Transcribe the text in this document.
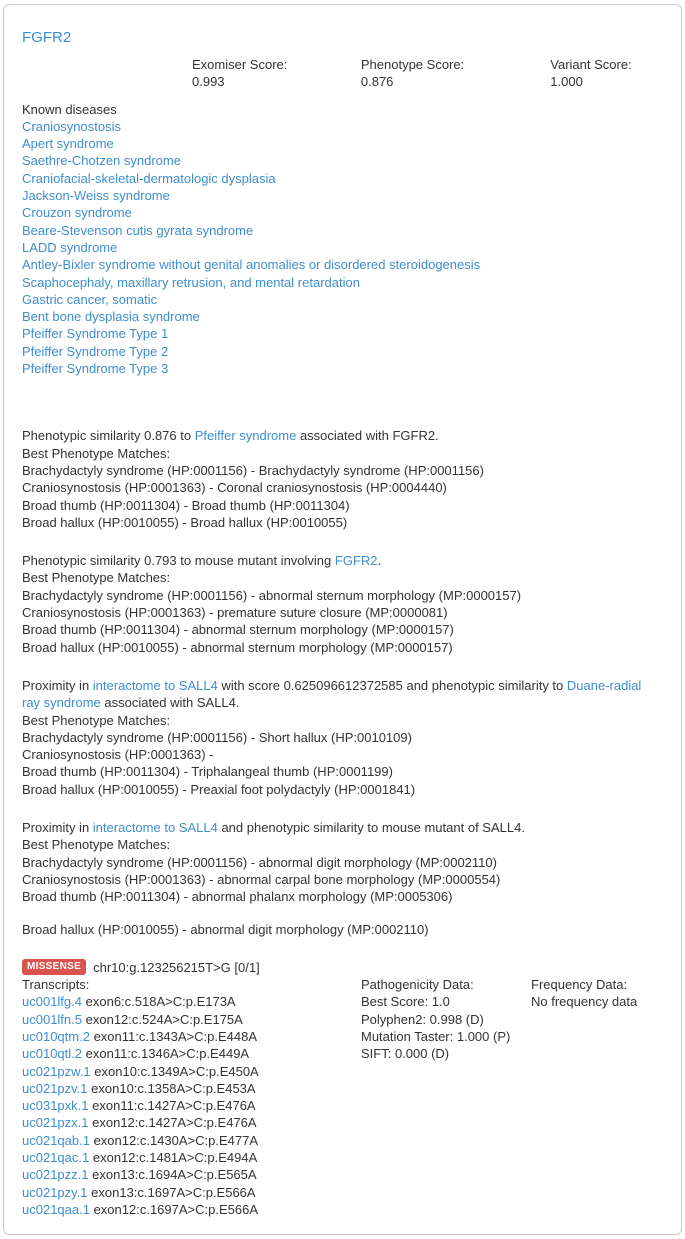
FGFR2
Exomiser Score: 0.993
Phenotype Score: 0.876
Variant Score: 1.000
Known diseases
Craniosynostosis
Apert syndrome
Saethre-Chotzen syndrome
Craniofacial-skeletal-dermatologic dysplasia
Jackson-Weiss syndrome
Crouzon syndrome
Beare-Stevenson cutis gyrata syndrome
LADD syndrome
Antley-Bixler syndrome without genital anomalies or disordered steroidogenesis
Scaphocephaly, maxillary retrusion, and mental retardation
Gastric cancer, somatic
Bent bone dysplasia syndrome
Pfeiffer Syndrome Type 1
Pfeiffer Syndrome Type 2
Pfeiffer Syndrome Type 3
Phenotypic similarity 0.876 to Pfeiffer syndrome associated with FGFR2.
Best Phenotype Matches:
Brachydactyly syndrome (HP:0001156) - Brachydactyly syndrome (HP:0001156)
Craniosynostosis (HP:0001363) - Coronal craniosynostosis (HP:0004440)
Broad thumb (HP:0011304) - Broad thumb (HP:0011304)
Broad hallux (HP:0010055) - Broad hallux (HP:0010055)
Phenotypic similarity 0.793 to mouse mutant involving FGFR2.
Best Phenotype Matches:
Brachydactyly syndrome (HP:0001156) - abnormal sternum morphology (MP:0000157)
Craniosynostosis (HP:0001363) - premature suture closure (MP:0000081)
Broad thumb (HP:0011304) - abnormal sternum morphology (MP:0000157)
Broad hallux (HP:0010055) - abnormal sternum morphology (MP:0000157)
Proximity in interactome to SALL4 with score 0.625096612372585 and phenotypic similarity to Duane-radial ray syndrome associated with SALL4.
Best Phenotype Matches:
Brachydactyly syndrome (HP:0001156) - Short hallux (HP:0010109)
Craniosynostosis (HP:0001363) -
Broad thumb (HP:0011304) - Triphalangeal thumb (HP:0001199)
Broad hallux (HP:0010055) - Preaxial foot polydactyly (HP:0001841)
Proximity in interactome to SALL4 and phenotypic similarity to mouse mutant of SALL4.
Best Phenotype Matches:
Brachydactyly syndrome (HP:0001156) - abnormal digit morphology (MP:0002110)
Craniosynostosis (HP:0001363) - abnormal carpal bone morphology (MP:0000554)
Broad thumb (HP:0011304) - abnormal phalanx morphology (MP:0005306)
Broad hallux (HP:0010055) - abnormal digit morphology (MP:0002110)
MISSENSE chr10:g.123256215T>G [0/1]
Transcripts:
uc001lfg.4 exon6:c.518A>C:p.E173A
uc001lfn.5 exon12:c.524A>C:p.E175A
uc010qtm.2 exon11:c.1343A>C:p.E448A
uc010qtl.2 exon11:c.1346A>C:p.E449A
uc021pzw.1 exon10:c.1349A>C:p.E450A
uc021pzv.1 exon10:c.1358A>C:p.E453A
uc031pxk.1 exon11:c.1427A>C:p.E476A
uc021pzx.1 exon12:c.1427A>C:p.E476A
uc021qab.1 exon12:c.1430A>C:p.E477A
uc021qac.1 exon12:c.1481A>C:p.E494A
uc021pzz.1 exon13:c.1694A>C:p.E565A
uc021pzy.1 exon13:c.1697A>C:p.E566A
uc021qaa.1 exon12:c.1697A>C:p.E566A
Pathogenicity Data:
Best Score: 1.0
Polyphen2: 0.998 (D)
Mutation Taster: 1.000 (P)
SIFT: 0.000 (D)
Frequency Data:
No frequency data
